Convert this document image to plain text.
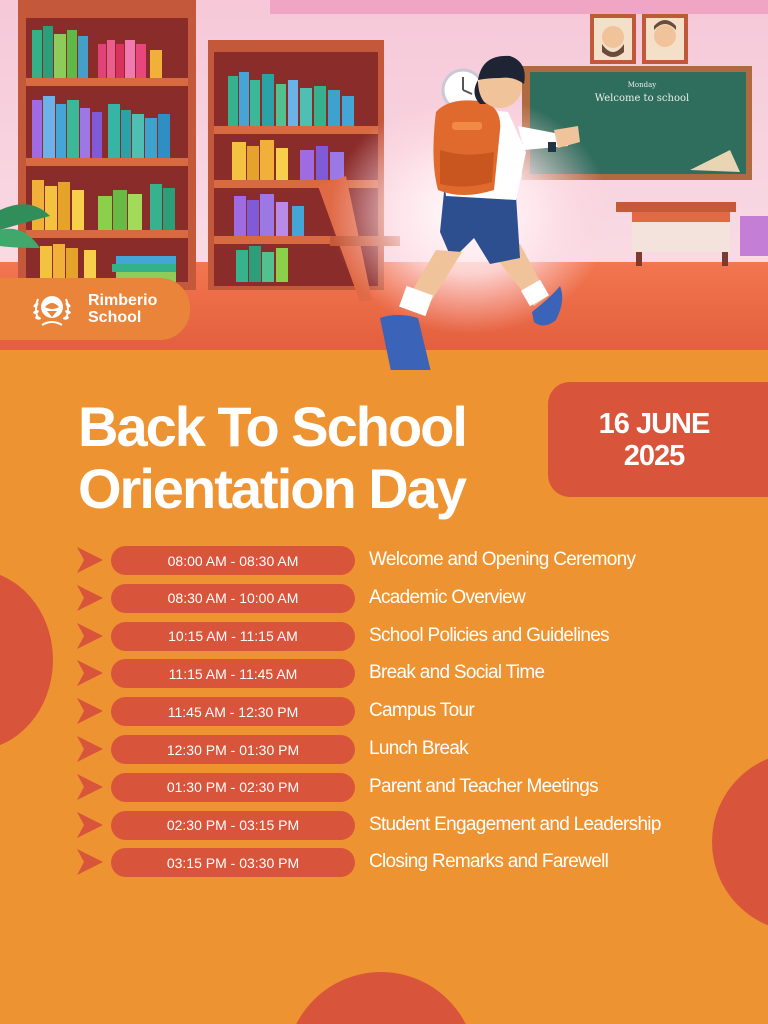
Monday
Welcome to school
Rimberio
School
Back To School
Orientation Day
16 JUNE
2025
08:00 AM - 08:30 AM	Welcome and Opening Ceremony
08:30 AM - 10:00 AM	Academic Overview
10:15 AM - 11:15 AM	School Policies and Guidelines
11:15 AM - 11:45 AM	Break and Social Time
11:45 AM - 12:30 PM	Campus Tour
12:30 PM - 01:30 PM	Lunch Break
01:30 PM - 02:30 PM	Parent and Teacher Meetings
02:30 PM - 03:15 PM	Student Engagement and Leadership
03:15 PM - 03:30 PM	Closing Remarks and Farewell
